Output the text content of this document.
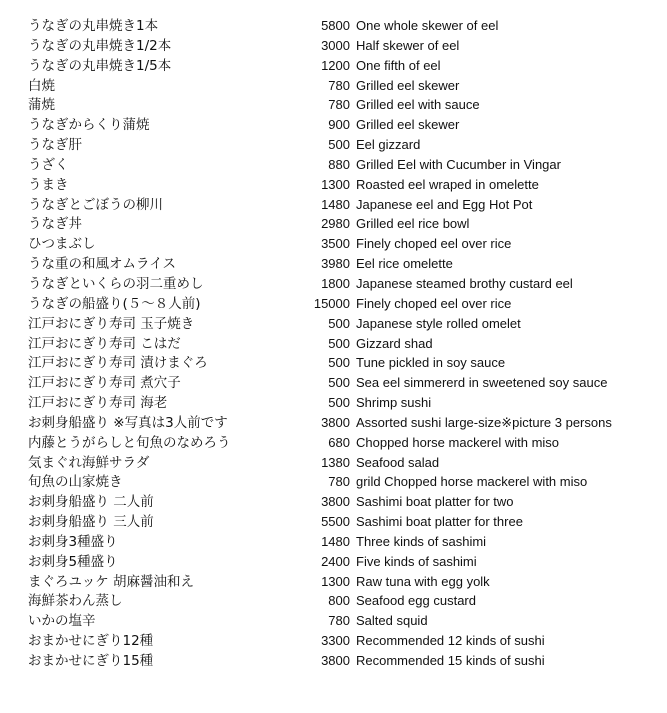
うなぎの丸串焼き1本	5800 One whole skewer of eel
うなぎの丸串焼き1/2本	3000 Half skewer of eel
うなぎの丸串焼き1/5本	1200 One fifth of eel
白焼	780 Grilled eel skewer
蒲焼	780 Grilled eel with sauce
うなぎからくり蒲焼	900 Grilled eel skewer
うなぎ肝	500 Eel gizzard
うざく	880 Grilled Eel with Cucumber in Vingar
うまき	1300 Roasted eel wraped in omelette
うなぎとごぼうの柳川	1480 Japanese eel and Egg Hot Pot
うなぎ丼	2980 Grilled eel rice bowl
ひつまぶし	3500 Finely choped eel over rice
うな重の和風オムライス	3980 Eel rice omelette
うなぎといくらの羽二重めし	1800 Japanese steamed brothy custard eel
うなぎの船盛り(５～８人前)	15000 Finely choped eel over rice
江戸おにぎり寿司 玉子焼き	500 Japanese style rolled omelet
江戸おにぎり寿司 こはだ	500 Gizzard shad
江戸おにぎり寿司 漬けまぐろ	500 Tune pickled in soy sauce
江戸おにぎり寿司 煮穴子	500 Sea eel simmererd in sweetened soy sauce
江戸おにぎり寿司 海老	500 Shrimp sushi
お刺身船盛り ※写真は3人前です	3800 Assorted sushi large-size※picture 3 persons
内藤とうがらしと旬魚のなめろう	680 Chopped horse mackerel with miso
気まぐれ海鮮サラダ	1380 Seafood salad
旬魚の山家焼き	780 grild Chopped horse mackerel with miso
お刺身船盛り 二人前	3800 Sashimi boat platter for two
お刺身船盛り 三人前	5500 Sashimi boat platter for three
お刺身3種盛り	1480 Three kinds of sashimi
お刺身5種盛り	2400 Five kinds of sashimi
まぐろユッケ 胡麻醤油和え	1300 Raw tuna with egg yolk
海鮮茶わん蒸し	800 Seafood egg custard
いかの塩辛	780 Salted squid
おまかせにぎり12種	3300 Recommended 12 kinds of sushi
おまかせにぎり15種	3800 Recommended 15 kinds of sushi
